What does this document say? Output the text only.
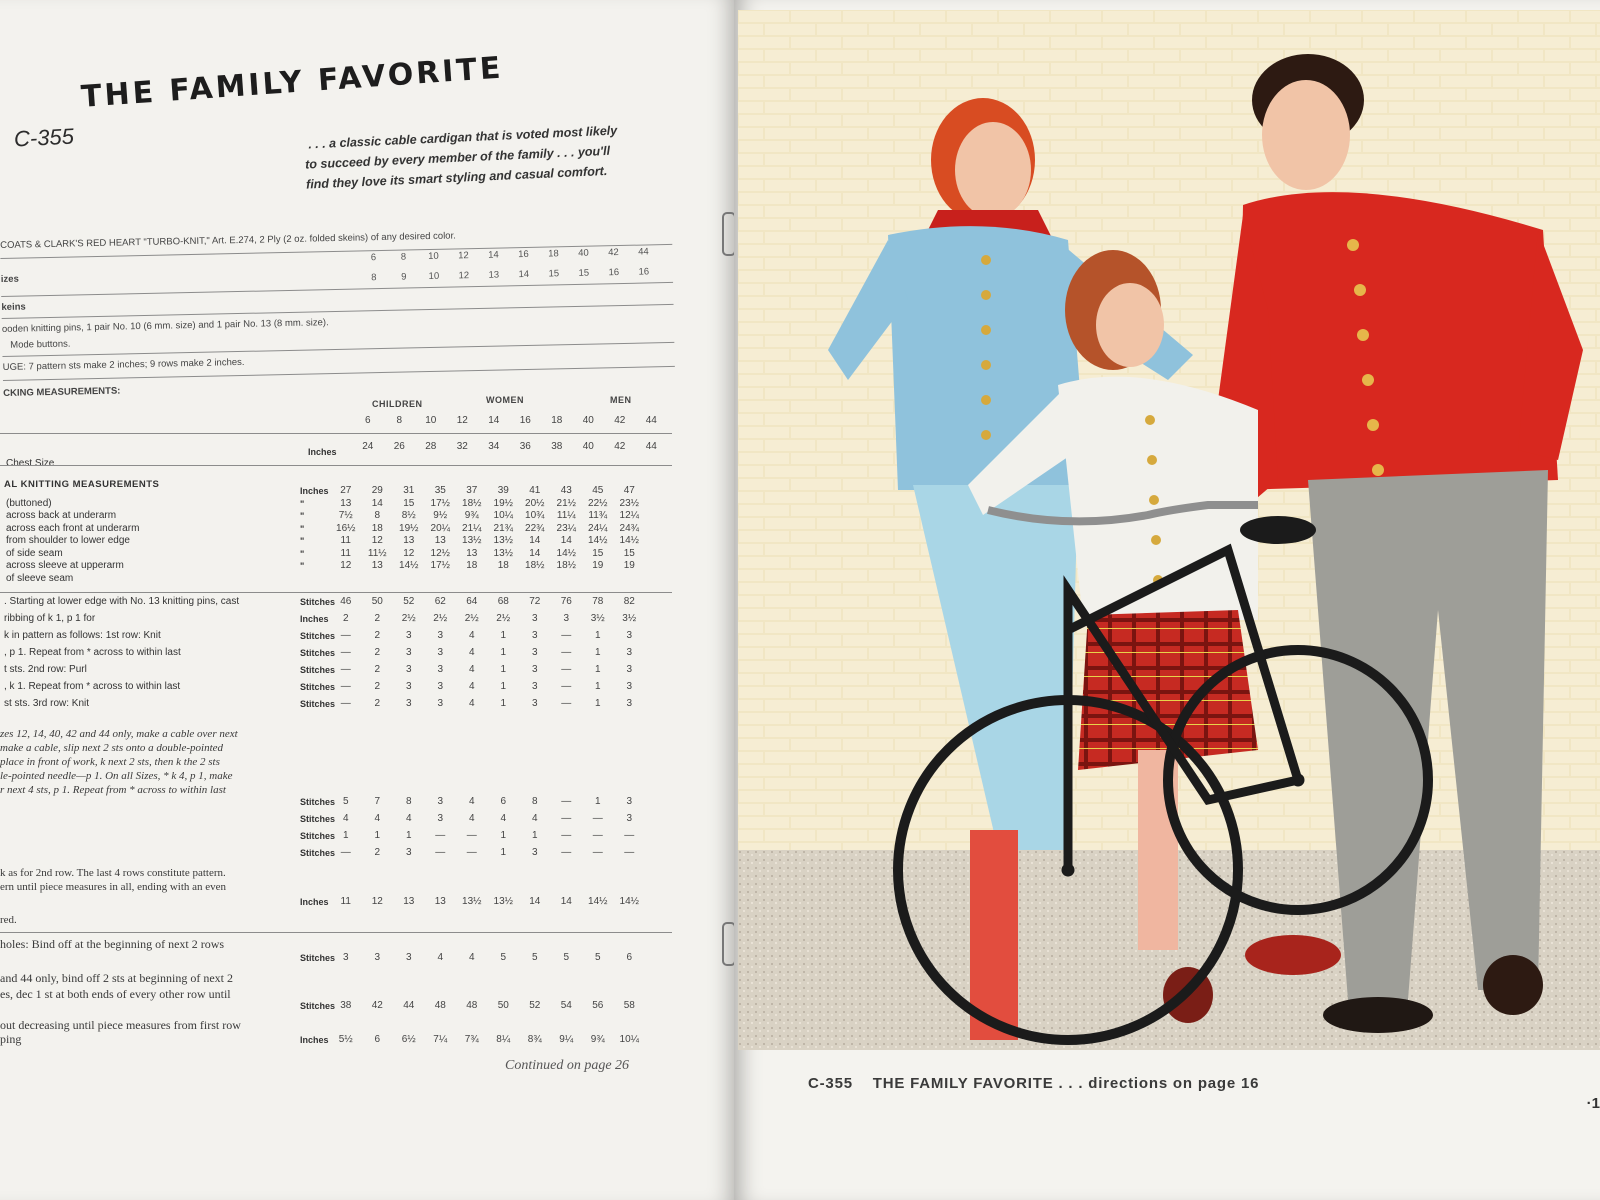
C-355
THE FAMILY FAVORITE
. . . a classic cable cardigan that is voted most likely
to succeed by every member of the family . . . you'll
find they love its smart styling and casual comfort.
COATS & CLARK'S RED HEART "TURBO-KNIT," Art. E.274, 2 Ply (2 oz. folded skeins) of any desired color.
izes
6	8	10	12	14	16	18	40	42	44
8	9	10	12	13	14	15	15	16	16
keins
ooden knitting pins, 1 pair No. 10 (6 mm. size) and 1 pair No. 13 (8 mm. size).
Mode buttons.
UGE: 7 pattern sts make 2 inches; 9 rows make 2 inches.
CKING MEASUREMENTS:
CHILDREN	WOMEN	MEN
6	8	10	12	14	16	18	40	42	44
Chest Size
Inches	24	26	28	32	34	36	38	40	42	44
AL KNITTING MEASUREMENTS
Inches	27	29	31	35	37	39	41	43	45	47
(buttoned)	"	13	14	15	17½	18½	19½	20½	21½	22½	23½
across back at underarm	"	7½	8	8½	9½	9¾	10¼	10¾	11¼	11¾	12¼
across each front at underarm	"	16½	18	19½	20¼	21¼	21¾	22¾	23¼	24¼	24¾
from shoulder to lower edge	"	11	12	13	13	13½	13½	14	14	14½	14½
of side seam	"	11	11½	12	12½	13	13½	14	14½	15	15
across sleeve at upperarm	"	12	13	14½	17½	18	18	18½	18½	19	19
of sleeve seam
. Starting at lower edge with No. 13 knitting pins, cast	Stitches 46	50	52	62	64	68	72	76	78	82
ribbing of k 1, p 1 for	Inches	2	2	2½	2½	2½	2½	3	3	3½	3½
k in pattern as follows: 1st row: Knit	Stitches —	2	3	3	4	1	3	—	1	3
, p 1. Repeat from * across to within last	Stitches —	2	3	3	4	1	3	—	1	3
t sts. 2nd row: Purl	Stitches —	2	3	3	4	1	3	—	1	3
, k 1. Repeat from * across to within last	Stitches —	2	3	3	4	1	3	—	1	3
st sts. 3rd row: Knit	Stitches —	2	3	3	4	1	3	—	1	3
zes 12, 14, 40, 42 and 44 only, make a cable over next
make a cable, slip next 2 sts onto a double-pointed
place in front of work, k next 2 sts, then k the 2 sts
le-pointed needle—p 1. On all Sizes, * k 4, p 1, make
r next 4 sts, p 1. Repeat from * across to within last
Stitches 5	7	8	3	4	6	8	—	1	3
Stitches 4	4	4	3	4	4	4	—	—	3
Stitches 1	1	1	—	—	1	1	—	—	—
Stitches —	2	3	—	—	1	3	—	—	—
k as for 2nd row. The last 4 rows constitute pattern.
ern until piece measures in all, ending with an even
Inches	11	12	13	13	13½	13½	14	14	14½	14½
red.
holes: Bind off at the beginning of next 2 rows
Stitches 3	3	3	4	4	5	5	5	5	6
and 44 only, bind off 2 sts at beginning of next 2
es, dec 1 st at both ends of every other row until
Stitches 38	42	44	48	48	50	52	54	56	58
out decreasing until piece measures from first row
ping	Inches	5½	6	6½	7¼	7¾	8¼	8¾	9¼	9¾	10¼
Continued on page 26
C-355 THE FAMILY FAVORITE . . . directions on page 16
·1
